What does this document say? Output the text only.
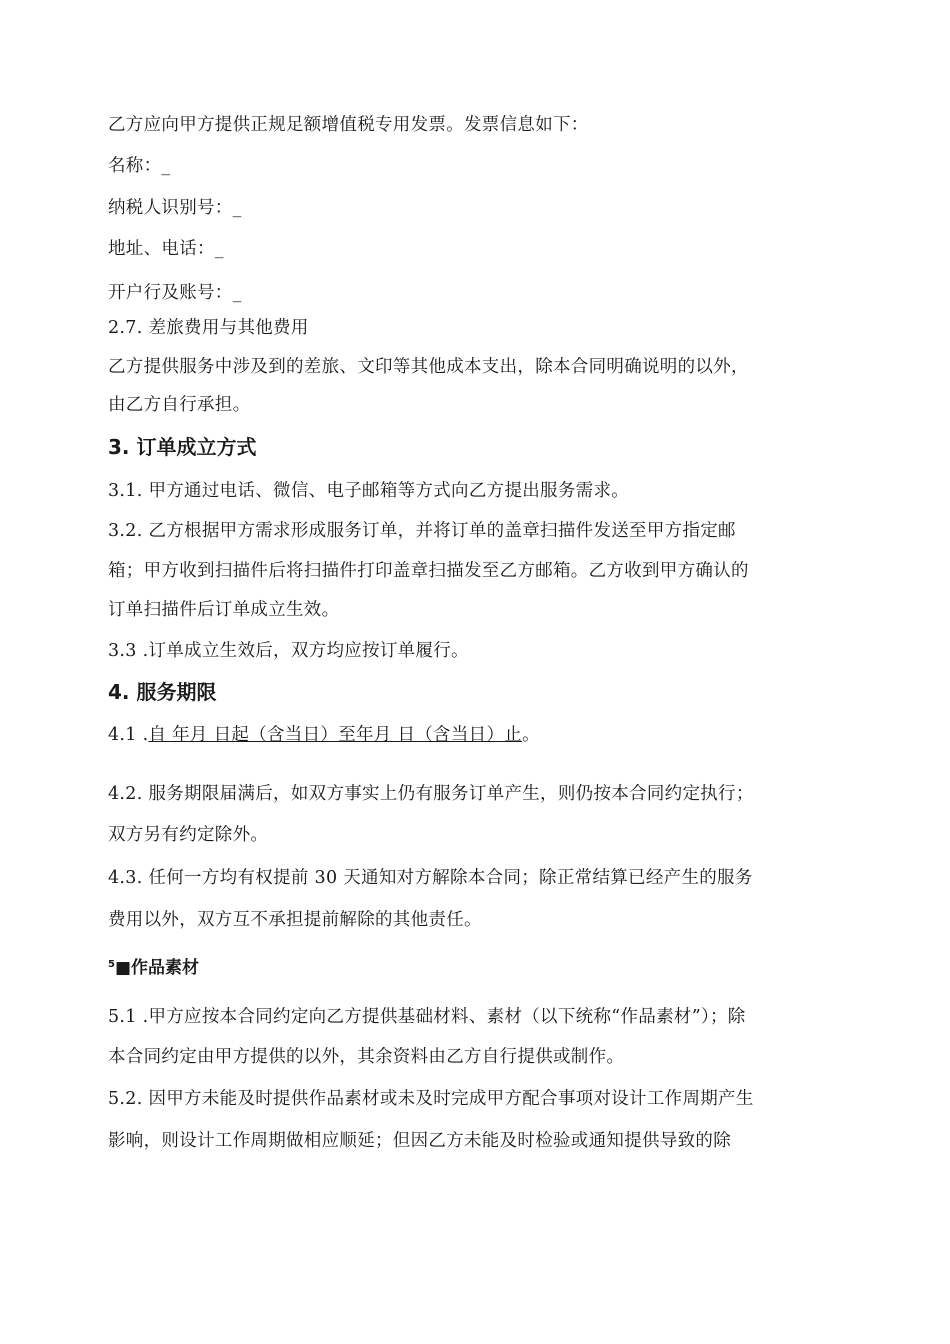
乙方应向甲方提供正规足额增值税专用发票。发票信息如下：
名称：_
纳税人识别号：_
地址、电话：_
开户行及账号：_
2.7. 差旅费用与其他费用
乙方提供服务中涉及到的差旅、文印等其他成本支出，除本合同明确说明的以外，
由乙方自行承担。
3. 订单成立方式
3.1. 甲方通过电话、微信、电子邮箱等方式向乙方提出服务需求。
3.2. 乙方根据甲方需求形成服务订单，并将订单的盖章扫描件发送至甲方指定邮
箱；甲方收到扫描件后将扫描件打印盖章扫描发至乙方邮箱。乙方收到甲方确认的
订单扫描件后订单成立生效。
3.3 .订单成立生效后，双方均应按订单履行。
4. 服务期限
4.1 .自 年月 日起（含当日）至年月 日（含当日）止。
4.2. 服务期限届满后，如双方事实上仍有服务订单产生，则仍按本合同约定执行；
双方另有约定除外。
4.3. 任何一方均有权提前 30 天通知对方解除本合同；除正常结算已经产生的服务
费用以外，双方互不承担提前解除的其他责任。
$^5$■作品素材
5.1 .甲方应按本合同约定向乙方提供基础材料、素材（以下统称“作品素材”）；除
本合同约定由甲方提供的以外，其余资料由乙方自行提供或制作。
5.2. 因甲方未能及时提供作品素材或未及时完成甲方配合事项对设计工作周期产生
影响，则设计工作周期做相应顺延；但因乙方未能及时检验或通知提供导致的除
